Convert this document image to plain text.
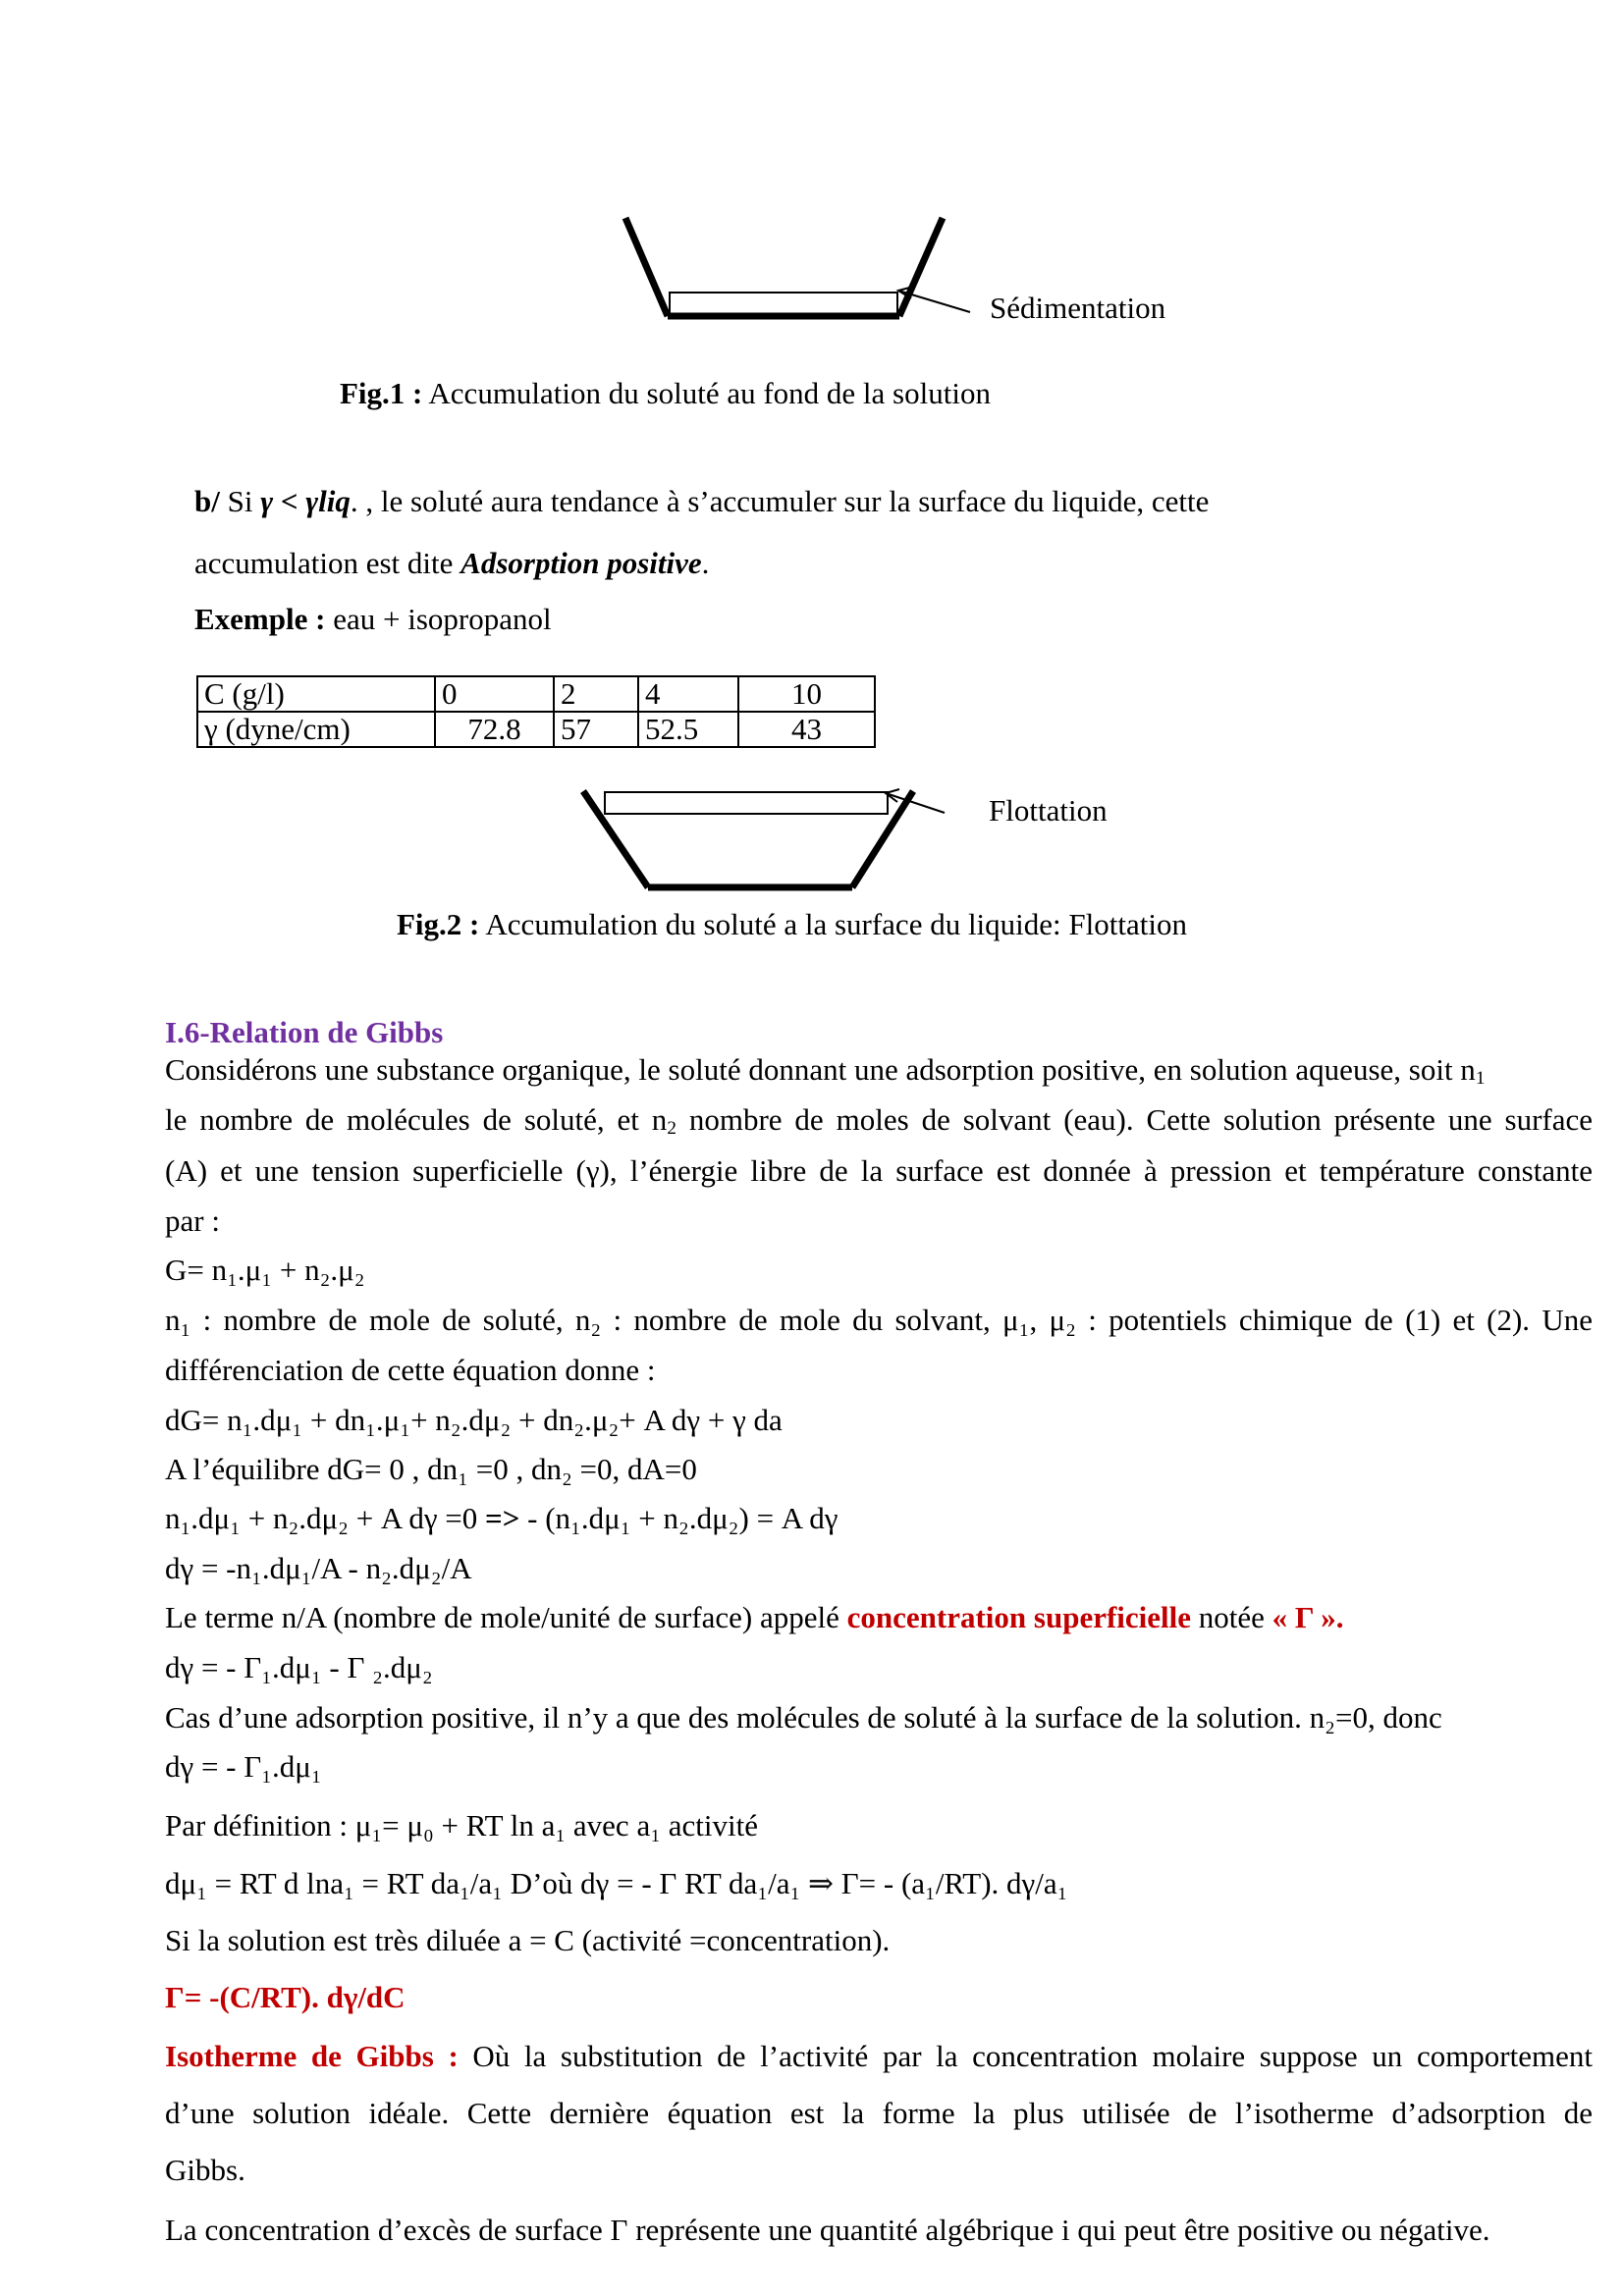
Sédimentation
Fig.1 : Accumulation du soluté au fond de la solution
b/ Si γ < γliq. , le soluté aura tendance à s’accumuler sur la surface du liquide, cette
accumulation est dite Adsorption positive.
Exemple : eau + isopropanol
C (g/l)	0	2	4	10
γ (dyne/cm)	72.8	57	52.5	43
Flottation
Fig.2 : Accumulation du soluté a la surface du liquide: Flottation
I.6-Relation de Gibbs
Considérons une substance organique, le soluté donnant une adsorption positive, en solution aqueuse, soit $n_1$
le nombre de molécules de soluté, et $n_2$ nombre de moles de solvant (eau). Cette solution présente une surface
(A) et une tension superficielle (γ), l’énergie libre de la surface est donnée à pression et température constante
par :
G= n₁.μ₁ + n₂.μ₂
n₁ : nombre de mole de soluté, n₂ : nombre de mole du solvant, μ₁, μ₂ : potentiels chimique de (1) et (2). Une
différenciation de cette équation donne :
dG= n₁.dμ₁ + dn₁.μ₁+ n₂.dμ₂ + dn₂.μ₂+ A dγ + γ da
A l’équilibre dG= 0 , dn₁ =0 , dn₂ =0, dA=0
n₁.dμ₁ + n₂.dμ₂ + A dγ =0 => - (n₁.dμ₁ + n₂.dμ₂) = A dγ
dγ = -n₁.dμ₁/A - n₂.dμ₂/A
Le terme n/A (nombre de mole/unité de surface) appelé concentration superficielle notée « Γ ».
dγ = - Γ₁.dμ₁ - Γ ₂.dμ₂
Cas d’une adsorption positive, il n’y a que des molécules de soluté à la surface de la solution. n₂=0, donc
dγ = - Γ₁.dμ₁
Par définition : μ₁= μ₀ + RT ln a₁ avec a₁ activité
dμ₁ = RT d lna₁ = RT da₁/a₁ D’où dγ = - Γ RT da₁/a₁ ⇒ Γ= - (a₁/RT). dγ/a₁
Si la solution est très diluée a = C (activité =concentration).
Γ= -(C/RT). dγ/dC
Isotherme de Gibbs : Où la substitution de l’activité par la concentration molaire suppose un comportement
d’une solution idéale. Cette dernière équation est la forme la plus utilisée de l’isotherme d’adsorption de
Gibbs.
La concentration d’excès de surface Γ représente une quantité algébrique i qui peut être positive ou négative.
